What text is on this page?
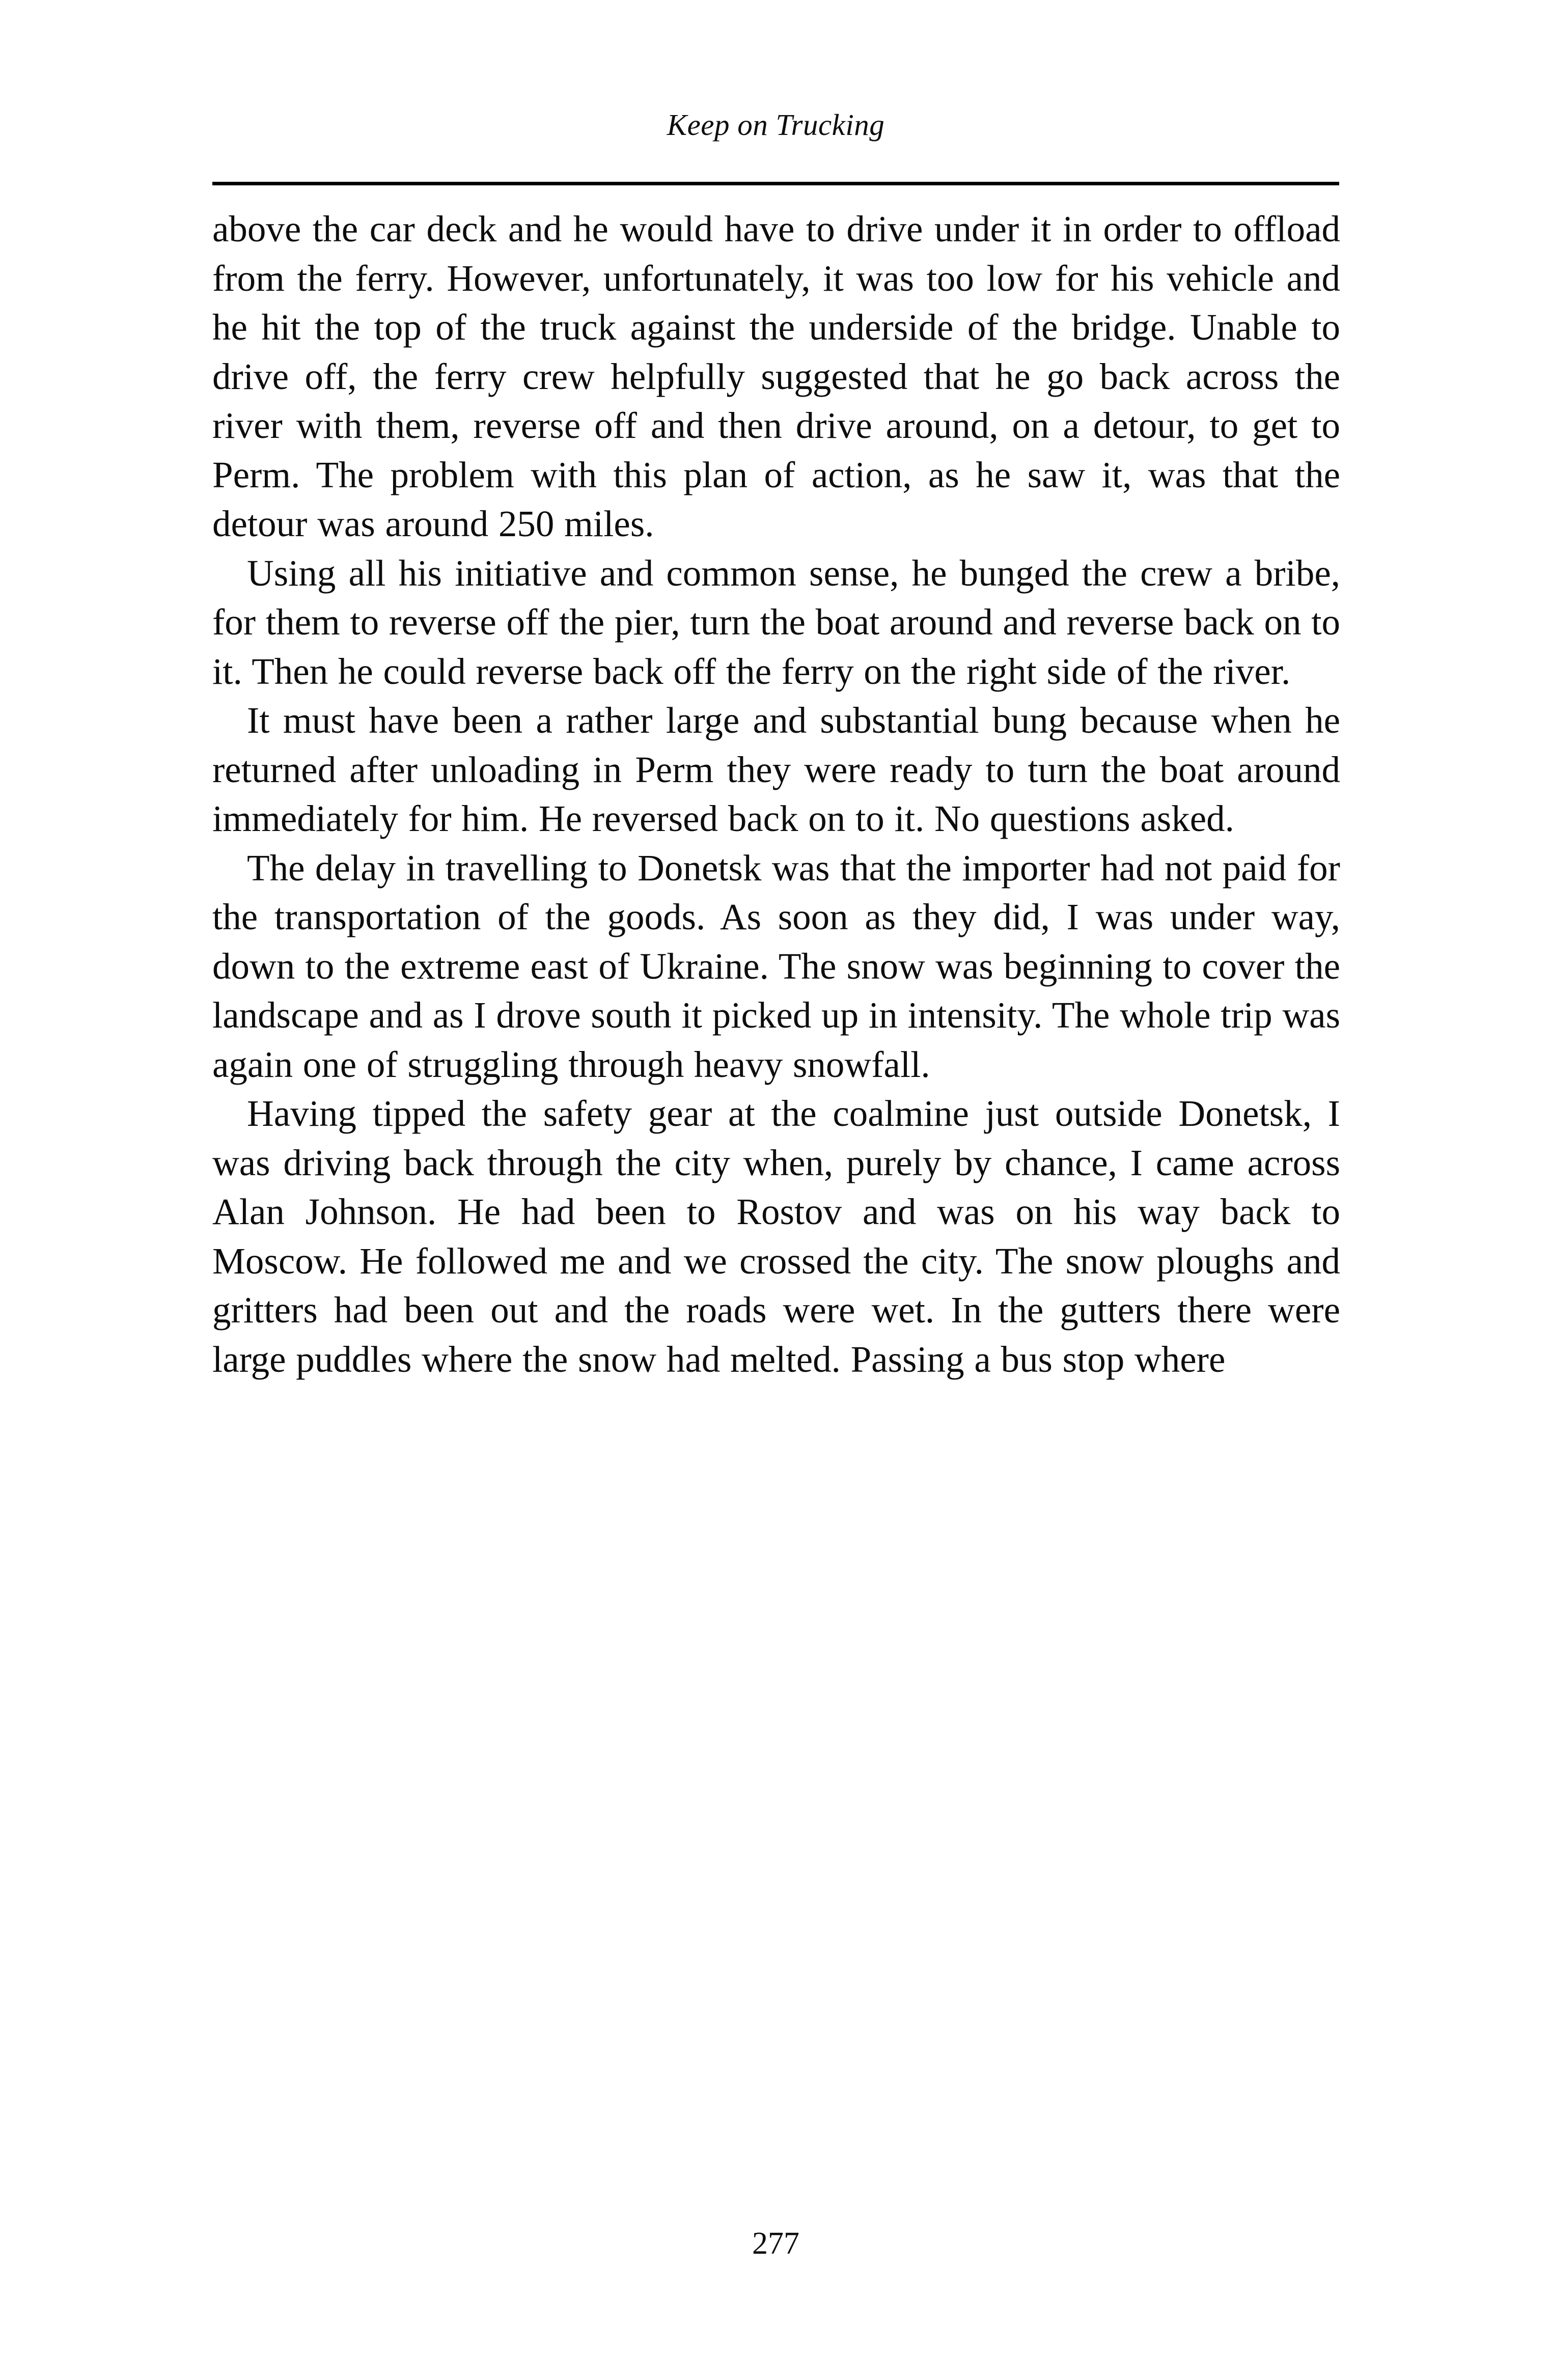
Keep on Trucking

above the car deck and he would have to drive under it in order to offload from the ferry. However, unfortunately, it was too low for his vehicle and he hit the top of the truck against the underside of the bridge. Unable to drive off, the ferry crew helpfully suggested that he go back across the river with them, reverse off and then drive around, on a detour, to get to Perm. The problem with this plan of action, as he saw it, was that the detour was around 250 miles.

Using all his initiative and common sense, he bunged the crew a bribe, for them to reverse off the pier, turn the boat around and reverse back on to it. Then he could reverse back off the ferry on the right side of the river.

It must have been a rather large and substantial bung because when he returned after unloading in Perm they were ready to turn the boat around immediately for him. He reversed back on to it. No questions asked.

The delay in travelling to Donetsk was that the importer had not paid for the transportation of the goods. As soon as they did, I was under way, down to the extreme east of Ukraine. The snow was beginning to cover the landscape and as I drove south it picked up in intensity. The whole trip was again one of struggling through heavy snowfall.

Having tipped the safety gear at the coalmine just outside Donetsk, I was driving back through the city when, purely by chance, I came across Alan Johnson. He had been to Rostov and was on his way back to Moscow. He followed me and we crossed the city. The snow ploughs and gritters had been out and the roads were wet. In the gutters there were large puddles where the snow had melted. Passing a bus stop where

277
